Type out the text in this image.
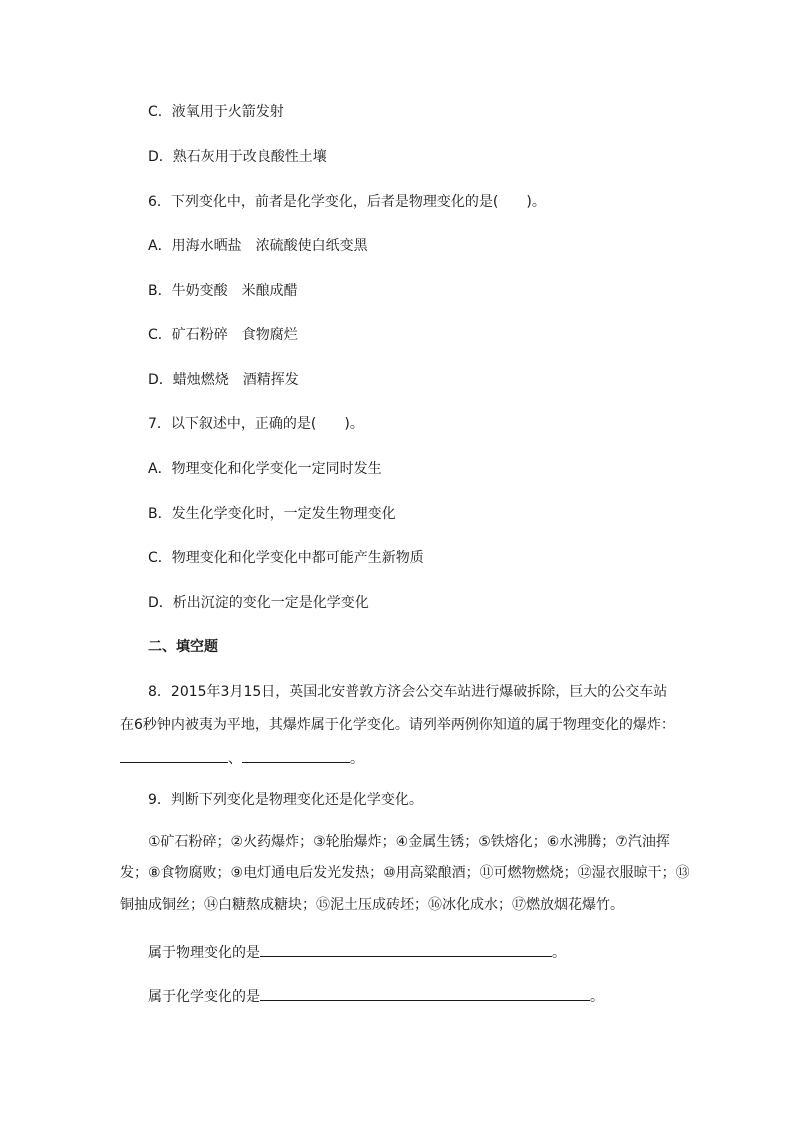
C．液氧用于火箭发射
D．熟石灰用于改良酸性土壤
6．下列变化中，前者是化学变化，后者是物理变化的是(　　)。
A．用海水晒盐　浓硫酸使白纸变黑
B．牛奶变酸　米酿成醋
C．矿石粉碎　食物腐烂
D．蜡烛燃烧　酒精挥发
7．以下叙述中，正确的是(　　)。
A．物理变化和化学变化一定同时发生
B．发生化学变化时，一定发生物理变化
C．物理变化和化学变化中都可能产生新物质
D．析出沉淀的变化一定是化学变化
二、填空题
8．2015年3月15日，英国北安普敦方济会公交车站进行爆破拆除，巨大的公交车站
在6秒钟内被夷为平地，其爆炸属于化学变化。请列举两例你知道的属于物理变化的爆炸：
、	。
9．判断下列变化是物理变化还是化学变化。
①矿石粉碎；②火药爆炸；③轮胎爆炸；④金属生锈；⑤铁熔化；⑥水沸腾；⑦汽油挥
发；⑧食物腐败；⑨电灯通电后发光发热；⑩用高粱酿酒；⑪可燃物燃烧；⑫湿衣服晾干；⑬
铜抽成铜丝；⑭白糖熬成糖块；⑮泥土压成砖坯；⑯冰化成水；⑰燃放烟花爆竹。
属于物理变化的是	。
属于化学变化的是	。
